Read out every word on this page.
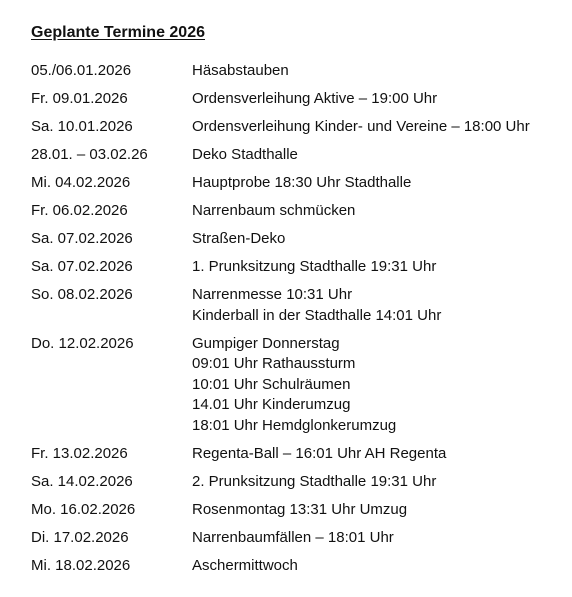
Geplante Termine 2026
05./06.01.2026	Häsabstauben
Fr. 09.01.2026	Ordensverleihung Aktive – 19:00 Uhr
Sa. 10.01.2026	Ordensverleihung Kinder- und Vereine – 18:00 Uhr
28.01. – 03.02.26	Deko Stadthalle
Mi. 04.02.2026	Hauptprobe 18:30 Uhr Stadthalle
Fr. 06.02.2026	Narrenbaum schmücken
Sa. 07.02.2026	Straßen-Deko
Sa. 07.02.2026	1. Prunksitzung Stadthalle 19:31 Uhr
So. 08.02.2026	Narrenmesse 10:31 Uhr
Kinderball in der Stadthalle 14:01 Uhr
Do. 12.02.2026	Gumpiger Donnerstag
09:01 Uhr Rathaussturm
10:01 Uhr Schulräumen
14.01 Uhr Kinderumzug
18:01 Uhr Hemdglonkerumzug
Fr. 13.02.2026	Regenta-Ball – 16:01 Uhr AH Regenta
Sa. 14.02.2026	2. Prunksitzung Stadthalle 19:31 Uhr
Mo. 16.02.2026	Rosenmontag 13:31 Uhr Umzug
Di. 17.02.2026	Narrenbaumfällen – 18:01 Uhr
Mi. 18.02.2026	Aschermittwoch
